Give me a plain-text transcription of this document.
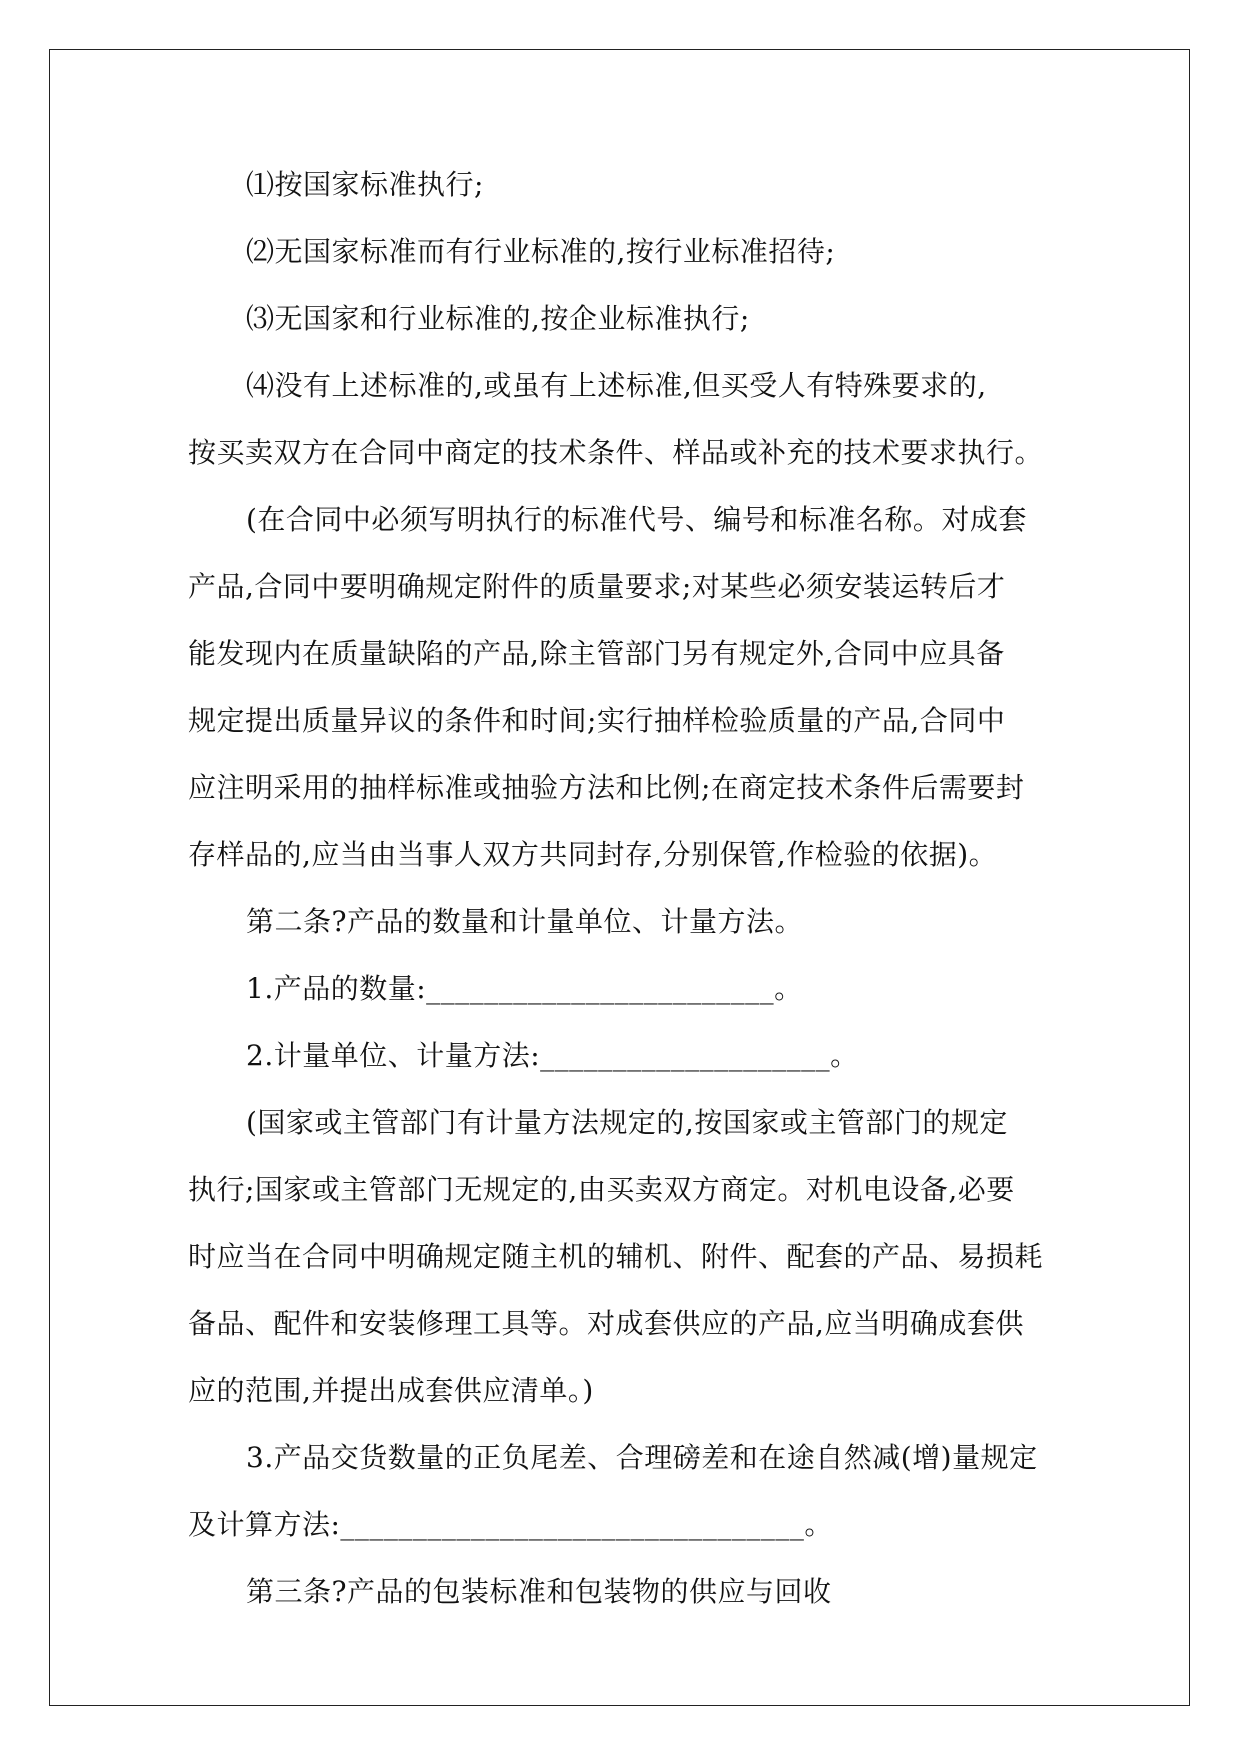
⑴按国家标准执行;
⑵无国家标准而有行业标准的,按行业标准招待;
⑶无国家和行业标准的,按企业标准执行;
⑷没有上述标准的,或虽有上述标准,但买受人有特殊要求的,
按买卖双方在合同中商定的技术条件、样品或补充的技术要求执行。
(在合同中必须写明执行的标准代号、编号和标准名称。对成套
产品,合同中要明确规定附件的质量要求;对某些必须安装运转后才
能发现内在质量缺陷的产品,除主管部门另有规定外,合同中应具备
规定提出质量异议的条件和时间;实行抽样检验质量的产品,合同中
应注明采用的抽样标准或抽验方法和比例;在商定技术条件后需要封
存样品的,应当由当事人双方共同封存,分别保管,作检验的依据)。
第二条?产品的数量和计量单位、计量方法。
1.产品的数量:________________________。
2.计量单位、计量方法:____________________。
(国家或主管部门有计量方法规定的,按国家或主管部门的规定
执行;国家或主管部门无规定的,由买卖双方商定。对机电设备,必要
时应当在合同中明确规定随主机的辅机、附件、配套的产品、易损耗
备品、配件和安装修理工具等。对成套供应的产品,应当明确成套供
应的范围,并提出成套供应清单。)
3.产品交货数量的正负尾差、合理磅差和在途自然减(增)量规定
及计算方法:________________________________。
第三条?产品的包装标准和包装物的供应与回收
